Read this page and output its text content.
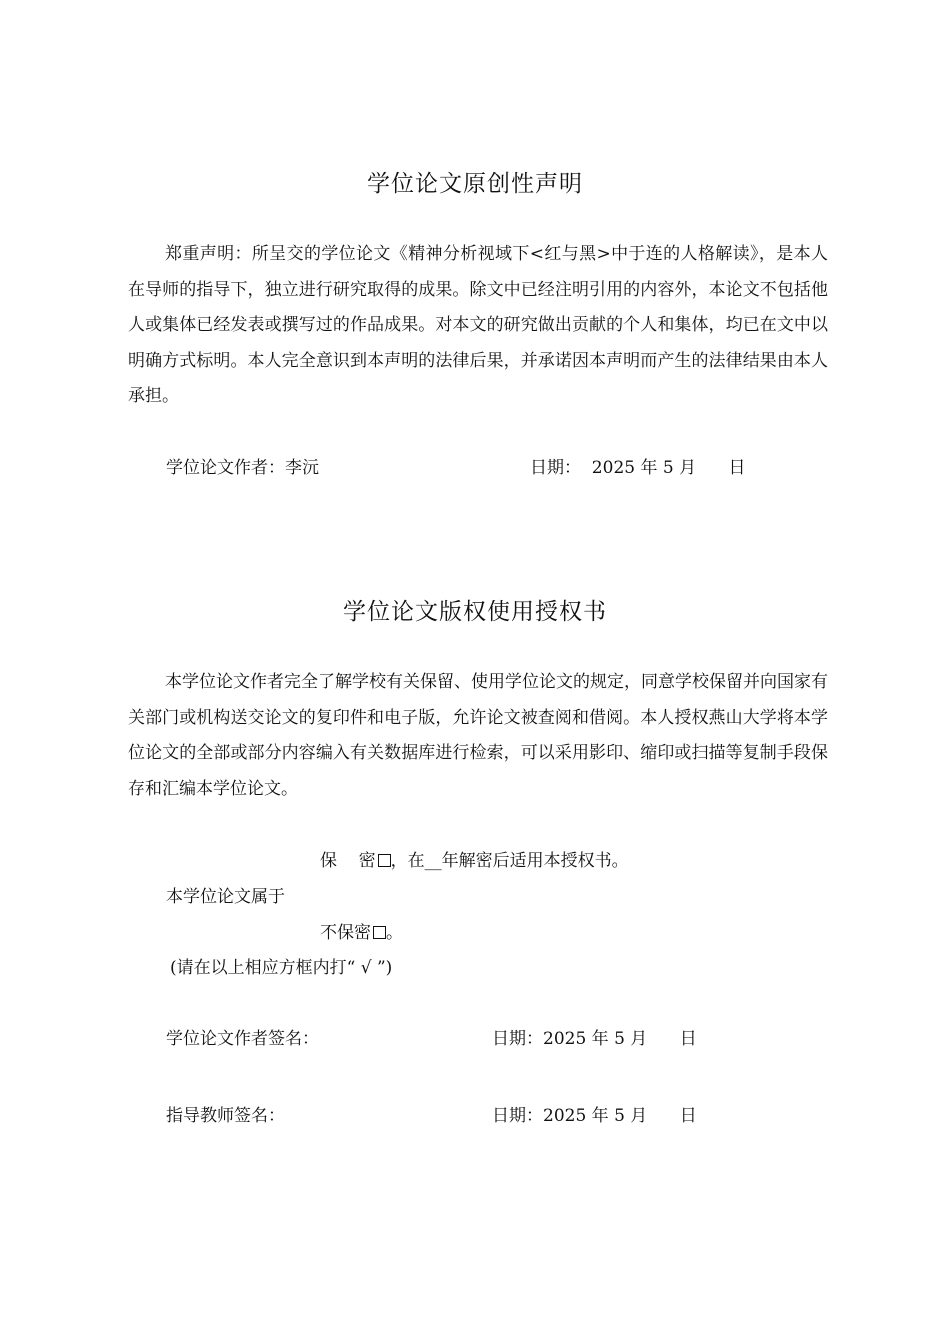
学位论文原创性声明

郑重声明：所呈交的学位论文《精神分析视域下<红与黑>中于连的人格解读》，是本人在导师的指导下，独立进行研究取得的成果。除文中已经注明引用的内容外，本论文不包括他人或集体已经发表或撰写过的作品成果。对本文的研究做出贡献的个人和集体，均已在文中以明确方式标明。本人完全意识到本声明的法律后果，并承诺因本声明而产生的法律结果由本人承担。

学位论文作者：李沅	日期：  2025 年 5 月      日
学位论文版权使用授权书

本学位论文作者完全了解学校有关保留、使用学位论文的规定，同意学校保留并向国家有关部门或机构送交论文的复印件和电子版，允许论文被查阅和借阅。本人授权燕山大学将本学位论文的全部或部分内容编入有关数据库进行检索，可以采用影印、缩印或扫描等复制手段保存和汇编本学位论文。

保    密 ，在__年解密后适用本授权书。
本学位论文属于
不保密 。
(请在以上相应方框内打“ √ ”)
学位论文作者签名：	日期：2025 年 5 月      日
指导教师签名：	日期：2025 年 5 月      日
